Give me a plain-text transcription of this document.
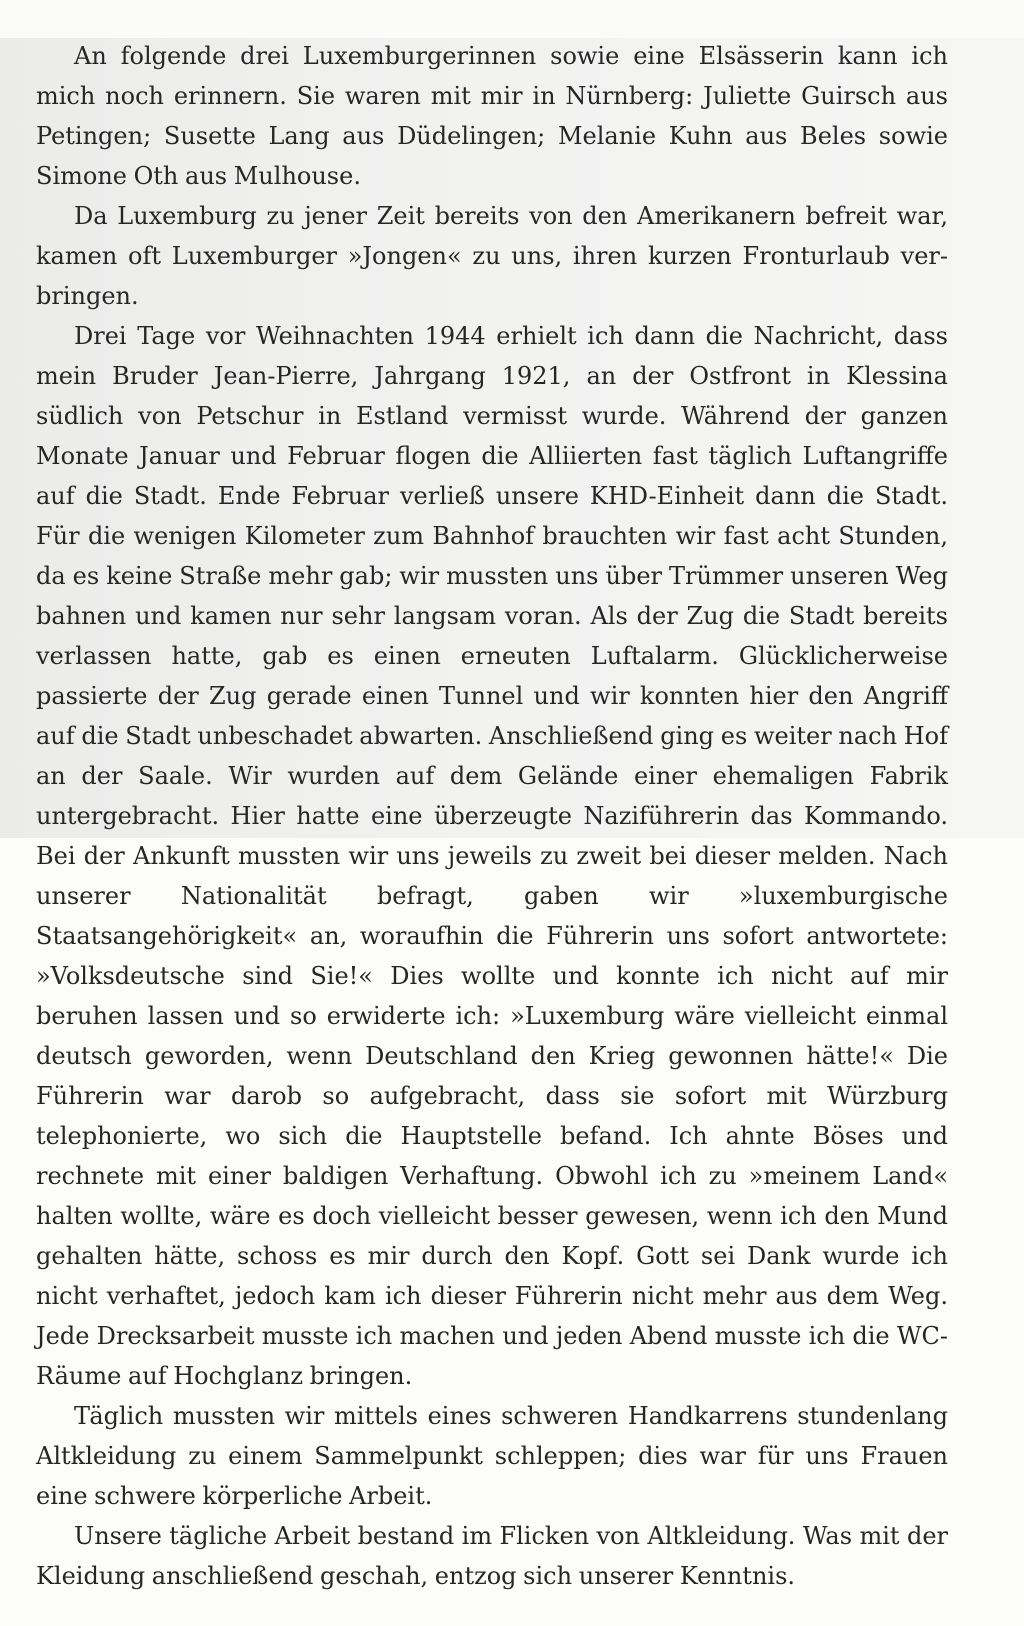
An folgende drei Luxemburgerinnen sowie eine Elsässerin kann ich mich noch erinnern. Sie waren mit mir in Nürnberg: Juliette Guirsch aus Petingen; Susette Lang aus Düdelingen; Melanie Kuhn aus Beles sowie Simone Oth aus Mulhouse.

Da Luxemburg zu jener Zeit bereits von den Amerikanern befreit war, kamen oft Luxemburger »Jongen« zu uns, ihren kurzen Fronturlaub verbringen.

Drei Tage vor Weihnachten 1944 erhielt ich dann die Nachricht, dass mein Bruder Jean-Pierre, Jahrgang 1921, an der Ostfront in Klessina südlich von Petschur in Estland vermisst wurde. Während der ganzen Monate Januar und Februar flogen die Alliierten fast täglich Luftangriffe auf die Stadt. Ende Februar verließ unsere KHD-Einheit dann die Stadt. Für die wenigen Kilometer zum Bahnhof brauchten wir fast acht Stunden, da es keine Straße mehr gab; wir mussten uns über Trümmer unseren Weg bahnen und kamen nur sehr langsam voran. Als der Zug die Stadt bereits verlassen hatte, gab es einen erneuten Luftalarm. Glücklicherweise passierte der Zug gerade einen Tunnel und wir konnten hier den Angriff auf die Stadt unbeschadet abwarten. Anschließend ging es weiter nach Hof an der Saale. Wir wurden auf dem Gelände einer ehemaligen Fabrik untergebracht. Hier hatte eine überzeugte Naziführerin das Kommando. Bei der Ankunft mussten wir uns jeweils zu zweit bei dieser melden. Nach unserer Nationalität befragt, gaben wir »luxemburgische Staatsangehörigkeit« an, woraufhin die Führerin uns sofort antwortete: »Volksdeutsche sind Sie!« Dies wollte und konnte ich nicht auf mir beruhen lassen und so erwiderte ich: »Luxemburg wäre vielleicht einmal deutsch geworden, wenn Deutschland den Krieg gewonnen hätte!« Die Führerin war darob so aufgebracht, dass sie sofort mit Würzburg telephonierte, wo sich die Hauptstelle befand. Ich ahnte Böses und rechnete mit einer baldigen Verhaftung. Obwohl ich zu »meinem Land« halten wollte, wäre es doch vielleicht besser gewesen, wenn ich den Mund gehalten hätte, schoss es mir durch den Kopf. Gott sei Dank wurde ich nicht verhaftet, jedoch kam ich dieser Führerin nicht mehr aus dem Weg. Jede Drecksarbeit musste ich machen und jeden Abend musste ich die WC-Räume auf Hochglanz bringen.

Täglich mussten wir mittels eines schweren Handkarrens stundenlang Altkleidung zu einem Sammelpunkt schleppen; dies war für uns Frauen eine schwere körperliche Arbeit.

Unsere tägliche Arbeit bestand im Flicken von Altkleidung. Was mit der Kleidung anschließend geschah, entzog sich unserer Kenntnis.
